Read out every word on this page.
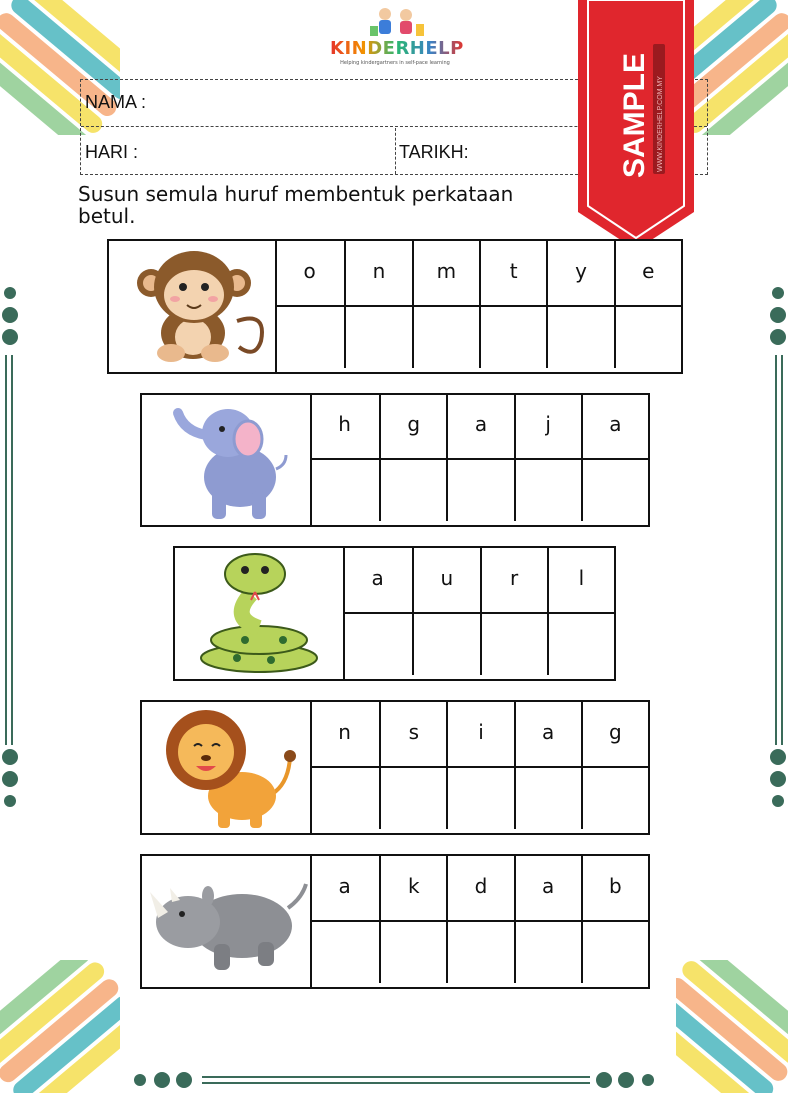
KINDERHELP
Helping kindergartners in self-pace learning
NAMA :
HARI :	TARIKH:
Susun semula huruf membentuk perkataan
betul.
SAMPLE WWW.KINDERHELP.COM.MY
o	n	m	t	y	e
h	g	a	j	a
a	u	r	l
n	s	i	a	g
a	k	d	a	b
